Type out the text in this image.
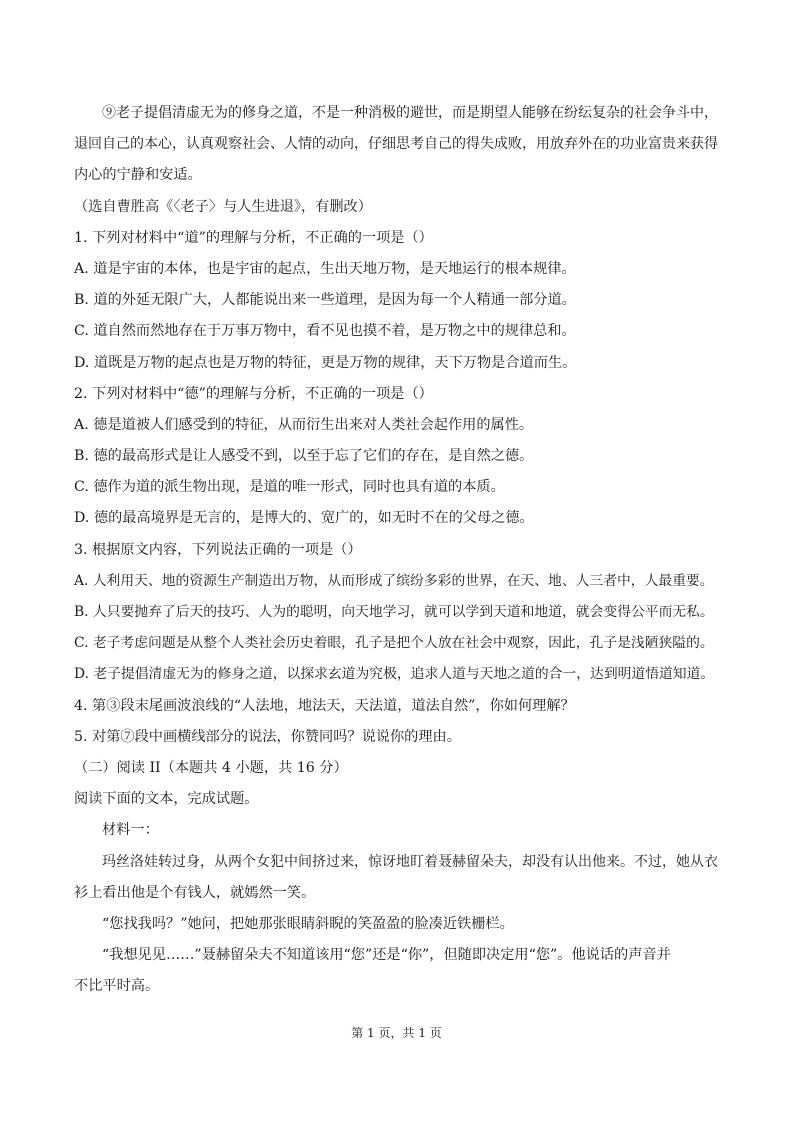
⑨老子提倡清虚无为的修身之道，不是一种消极的避世，而是期望人能够在纷纭复杂的社会争斗中，
退回自己的本心，认真观察社会、人情的动向，仔细思考自己的得失成败，用放弃外在的功业富贵来获得
内心的宁静和安适。
（选自曹胜高《〈老子〉与人生进退》，有删改）
1. 下列对材料中“道”的理解与分析，不正确的一项是（）
A. 道是宇宙的本体，也是宇宙的起点，生出天地万物，是天地运行的根本规律。
B. 道的外延无限广大，人都能说出来一些道理，是因为每一个人精通一部分道。
C. 道自然而然地存在于万事万物中，看不见也摸不着，是万物之中的规律总和。
D. 道既是万物的起点也是万物的特征，更是万物的规律，天下万物是合道而生。
2. 下列对材料中“德”的理解与分析，不正确的一项是（）
A. 德是道被人们感受到的特征，从而衍生出来对人类社会起作用的属性。
B. 德的最高形式是让人感受不到，以至于忘了它们的存在，是自然之德。
C. 德作为道的派生物出现，是道的唯一形式，同时也具有道的本质。
D. 德的最高境界是无言的，是博大的、宽广的，如无时不在的父母之德。
3. 根据原文内容，下列说法正确的一项是（）
A. 人利用天、地的资源生产制造出万物，从而形成了缤纷多彩的世界，在天、地、人三者中，人最重要。
B. 人只要抛弃了后天的技巧、人为的聪明，向天地学习，就可以学到天道和地道，就会变得公平而无私。
C. 老子考虑问题是从整个人类社会历史着眼，孔子是把个人放在社会中观察，因此，孔子是浅陋狭隘的。
D. 老子提倡清虚无为的修身之道，以探求玄道为究极，追求人道与天地之道的合一，达到明道悟道知道。
4. 第③段末尾画波浪线的“人法地，地法天，天法道，道法自然”，你如何理解？
5. 对第⑦段中画横线部分的说法，你赞同吗？说说你的理由。
（二）阅读 II（本题共 4 小题，共 16 分）
阅读下面的文本，完成试题。
材料一：
玛丝洛娃转过身，从两个女犯中间挤过来，惊讶地盯着聂赫留朵夫，却没有认出他来。不过，她从衣
衫上看出他是个有钱人，就嫣然一笑。
“您找我吗？”她问，把她那张眼睛斜睨的笑盈盈的脸凑近铁栅栏。
“我想见见……”聂赫留朵夫不知道该用“您”还是“你”，但随即决定用“您”。他说话的声音并
不比平时高。
第 1 页，共 1 页
